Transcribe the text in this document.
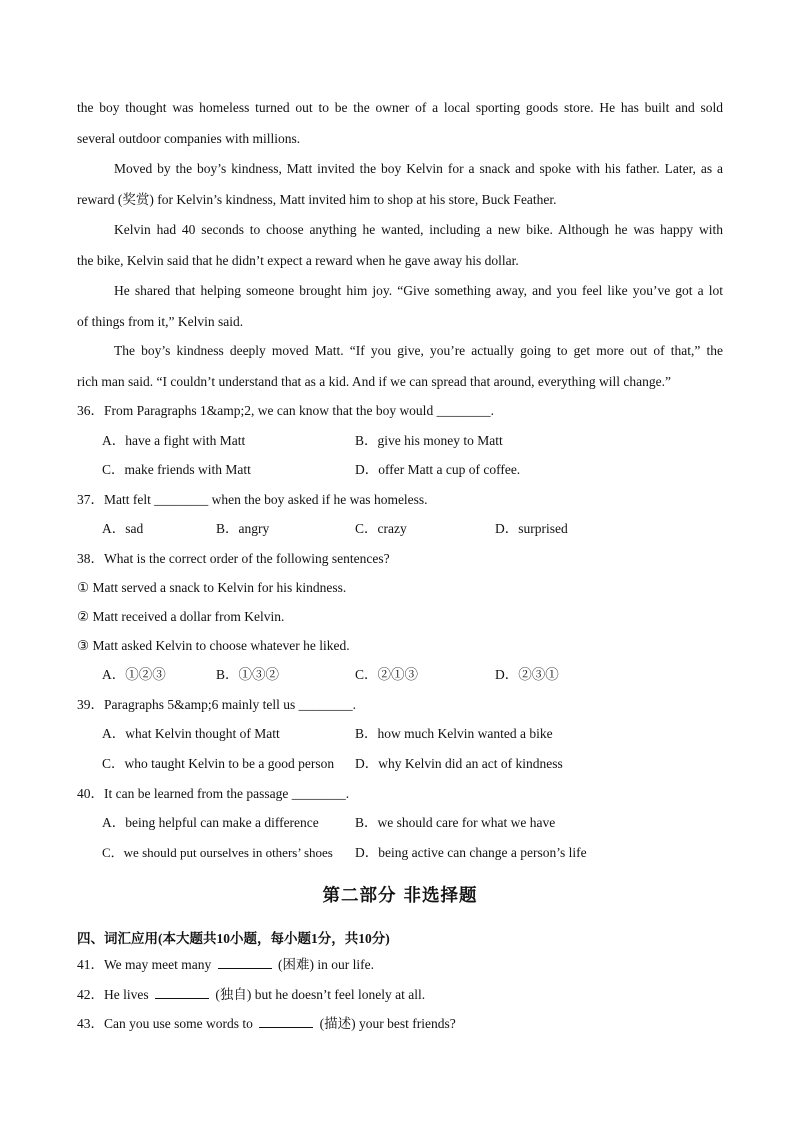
the boy thought was homeless turned out to be the owner of a local sporting goods store. He has built and sold
several outdoor companies with millions.
Moved by the boy’s kindness, Matt invited the boy Kelvin for a snack and spoke with his father. Later, as a
reward (奖赏) for Kelvin’s kindness, Matt invited him to shop at his store, Buck Feather.
Kelvin had 40 seconds to choose anything he wanted, including a new bike. Although he was happy with
the bike, Kelvin said that he didn’t expect a reward when he gave away his dollar.
He shared that helping someone brought him joy. “Give something away, and you feel like you’ve got a lot
of things from it,” Kelvin said.
The boy’s kindness deeply moved Matt. “If you give, you’re actually going to get more out of that,” the
rich man said. “I couldn’t understand that as a kid. And if we can spread that around, everything will change.”
36．From Paragraphs 1&amp;2, we can know that the boy would ________.
A．have a fight with Matt	B．give his money to Matt
C．make friends with Matt	D．offer Matt a cup of coffee.
37．Matt felt ________ when the boy asked if he was homeless.
A．sad	B．angry	C．crazy	D．surprised
38．What is the correct order of the following sentences?
① Matt served a snack to Kelvin for his kindness.
② Matt received a dollar from Kelvin.
③ Matt asked Kelvin to choose whatever he liked.
A．①②③	B．①③②	C．②①③	D．②③①
39．Paragraphs 5&amp;6 mainly tell us ________.
A．what Kelvin thought of Matt	B．how much Kelvin wanted a bike
C．who taught Kelvin to be a good person D．why Kelvin did an act of kindness
40．It can be learned from the passage ________.
A．being helpful can make a difference	B．we should care for what we have
C．we should put ourselves in others’ shoes D．being active can change a person’s life
第二部分 非选择题
四、词汇应用(本大题共10小题，每小题1分，共10分)
41．We may meet many	(困难) in our life.
42．He lives	(独自) but he doesn’t feel lonely at all.
43．Can you use some words to	(描述) your best friends?
